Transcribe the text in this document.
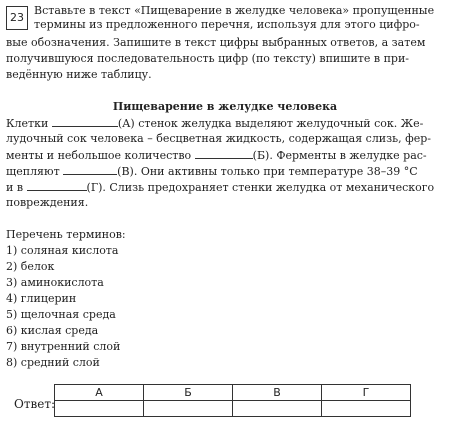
23
Вставьте в текст «Пищеварение в желудке человека» пропущенные
термины из предложенного перечня, используя для этого цифро-
вые обозначения. Запишите в текст цифры выбранных ответов, а затем
получившуюся последовательность цифр (по тексту) впишите в при-
ведённую ниже таблицу.
Пищеварение в желудке человека
Клетки	(А) стенок желудка выделяют желудочный сок. Же-
лудочный сок человека – бесцветная жидкость, содержащая слизь, фер-
менты и небольшое количество	(Б). Ферменты в желудке рас-
щепляют	(В). Они активны только при температуре 38–39 °С
и в	(Г). Слизь предохраняет стенки желудка от механического
повреждения.
Перечень терминов:
1) соляная кислота
2) белок
3) аминокислота
4) глицерин
5) щелочная среда
6) кислая среда
7) внутренний слой
8) средний слой
Ответ:
А	Б	В	Г
